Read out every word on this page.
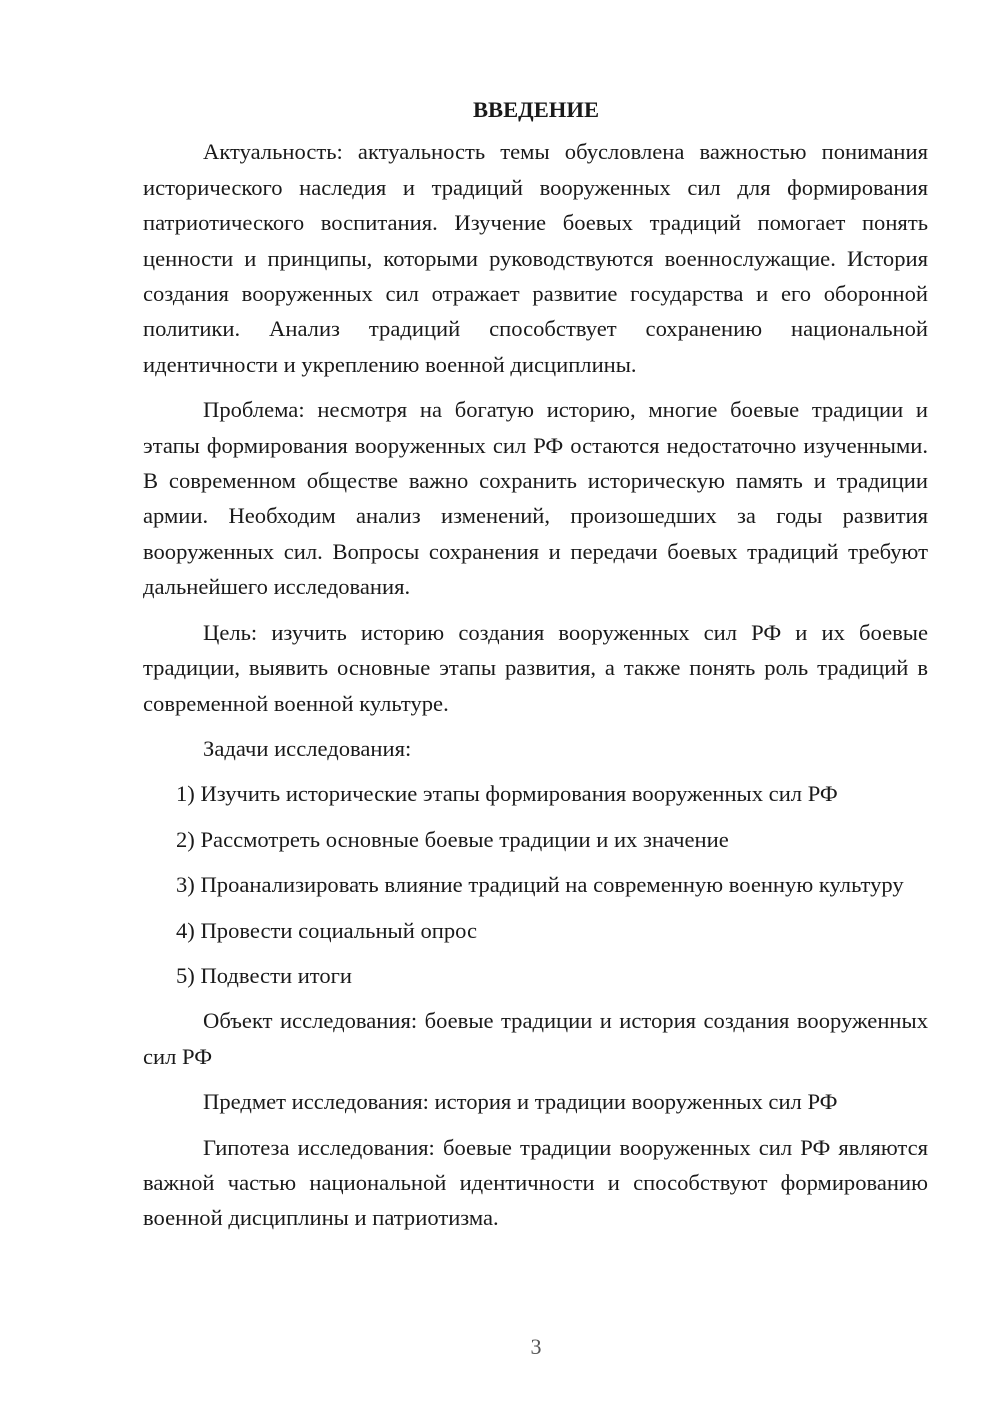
ВВЕДЕНИЕ

Актуальность: актуальность темы обусловлена важностью понимания исторического наследия и традиций вооруженных сил для формирования патриотического воспитания. Изучение боевых традиций помогает понять ценности и принципы, которыми руководствуются военнослужащие. История создания вооруженных сил отражает развитие государства и его оборонной политики. Анализ традиций способствует сохранению национальной идентичности и укреплению военной дисциплины.

Проблема: несмотря на богатую историю, многие боевые традиции и этапы формирования вооруженных сил РФ остаются недостаточно изученными. В современном обществе важно сохранить историческую память и традиции армии. Необходим анализ изменений, произошедших за годы развития вооруженных сил. Вопросы сохранения и передачи боевых традиций требуют дальнейшего исследования.

Цель: изучить историю создания вооруженных сил РФ и их боевые традиции, выявить основные этапы развития, а также понять роль традиций в современной военной культуре.

Задачи исследования:

1) Изучить исторические этапы формирования вооруженных сил РФ

2) Рассмотреть основные боевые традиции и их значение

3) Проанализировать влияние традиций на современную военную культуру

4) Провести социальный опрос

5) Подвести итоги

Объект исследования: боевые традиции и история создания вооруженных сил РФ

Предмет исследования: история и традиции вооруженных сил РФ

Гипотеза исследования: боевые традиции вооруженных сил РФ являются важной частью национальной идентичности и способствуют формированию военной дисциплины и патриотизма.

3
